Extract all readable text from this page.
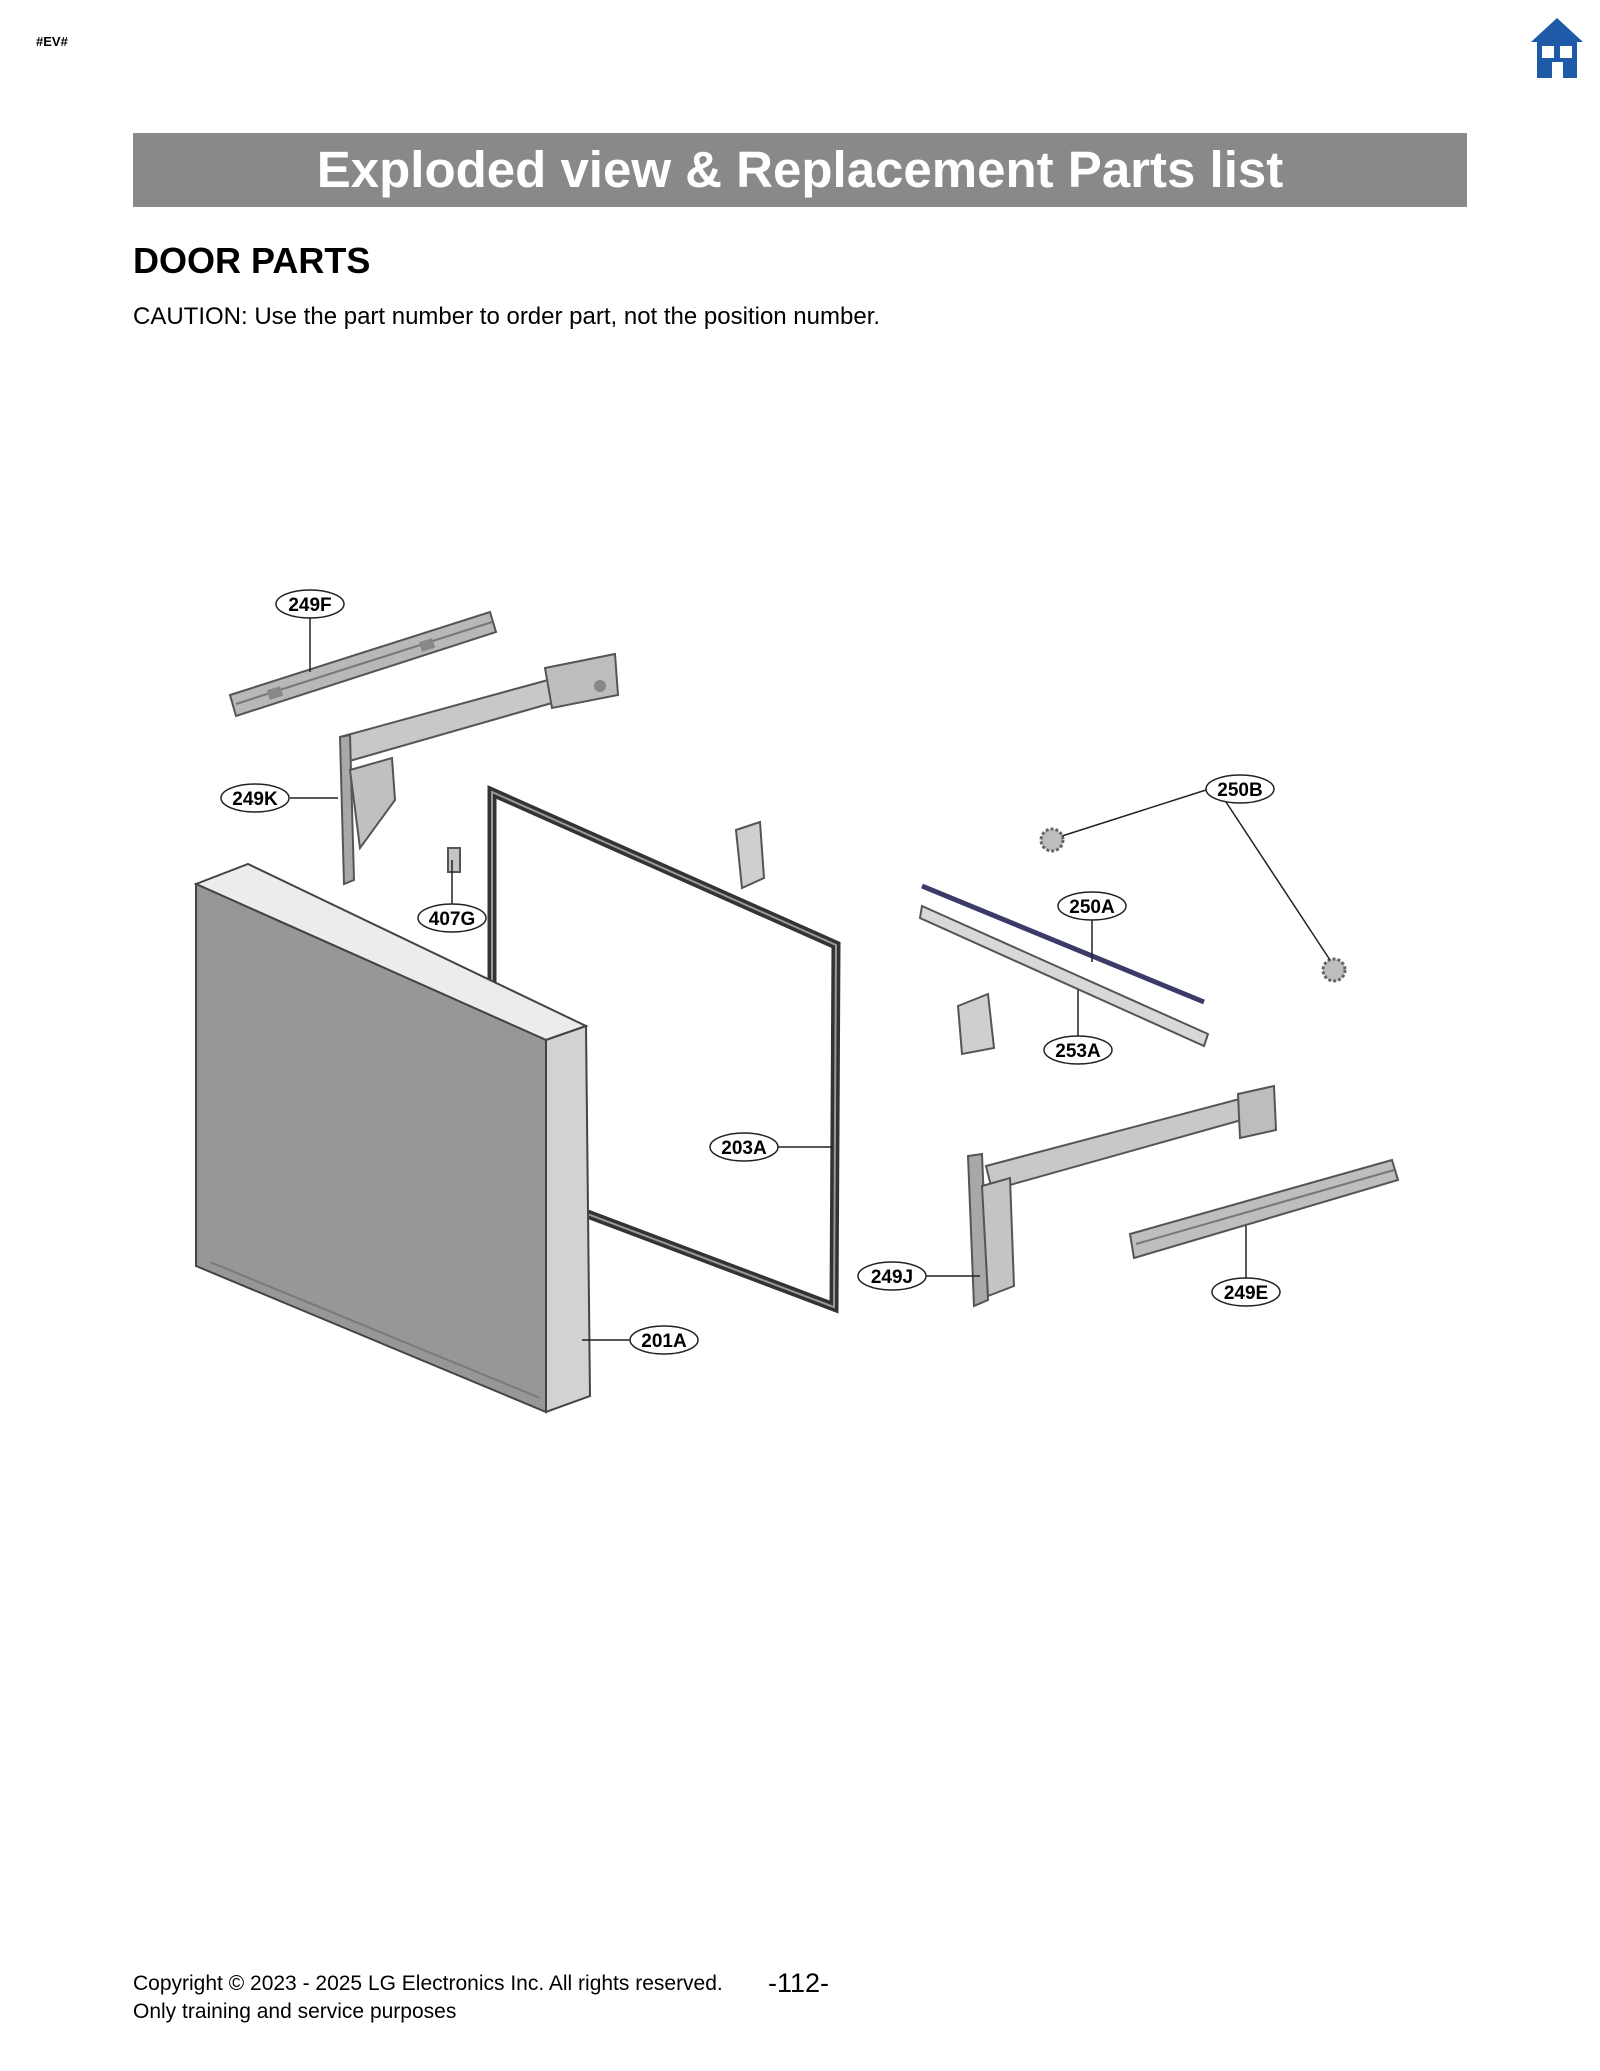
#EV#
Exploded view & Replacement Parts list
DOOR PARTS
CAUTION: Use the part number to order part, not the position number.
249F
249K
407G
250B
250A
253A
203A
249J
249E
201A
Copyright © 2023 - 2025 LG Electronics Inc. All rights reserved. -112-
Only training and service purposes
